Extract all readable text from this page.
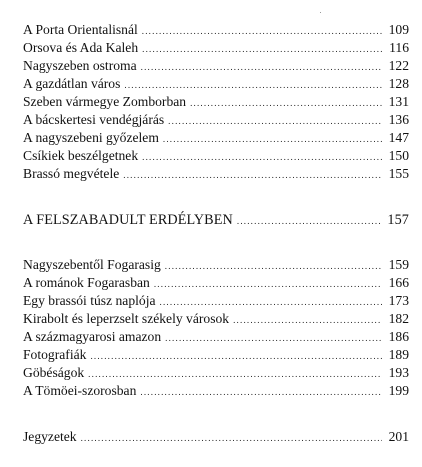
A Porta Orientalisnál .....	109
Orsova és Ada Kaleh .....	116
Nagyszeben ostroma .....	122
A gazdátlan város .....	128
Szeben vármegye Zomborban .....	131
A bácskertesi vendégjárás .....	136
A nagyszebeni győzelem .....	147
Csíkiek beszélgetnek .....	150
Brassó megvétele .....	155
A FELSZABADULT ERDÉLYBEN .....	157
Nagyszebentől Fogarasig .....	159
A románok Fogarasban .....	166
Egy brassói túsz naplója .....	173
Kirabolt és leperzselt székely városok .....	182
A százmagyarosi amazon .....	186
Fotografiák .....	189
Göbéságok .....	193
A Tömöei-szorosban .....	199
Jegyzetek .....	201
